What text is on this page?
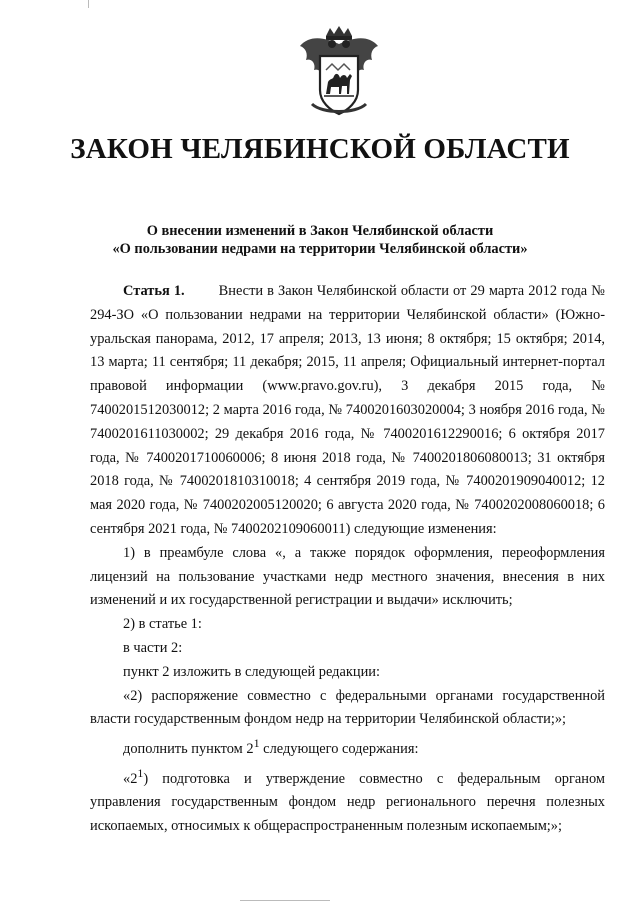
ЗАКОН ЧЕЛЯБИНСКОЙ ОБЛАСТИ
О внесении изменений в Закон Челябинской области
«О пользовании недрами на территории Челябинской области»

Статья 1. Внести в Закон Челябинской области от 29 марта 2012 года № 294-ЗО «О пользовании недрами на территории Челябинской области» (Южно-уральская панорама, 2012, 17 апреля; 2013, 13 июня; 8 октября; 15 октября; 2014, 13 марта; 11 сентября; 11 декабря; 2015, 11 апреля; Официальный интернет-портал правовой информации (www.pravo.gov.ru), 3 декабря 2015 года, № 7400201512030012; 2 марта 2016 года, № 7400201603020004; 3 ноября 2016 года, № 7400201611030002; 29 декабря 2016 года, № 7400201612290016; 6 октября 2017 года, № 7400201710060006; 8 июня 2018 года, № 7400201806080013; 31 октября 2018 года, № 7400201810310018; 4 сентября 2019 года, № 7400201909040012; 12 мая 2020 года, № 7400202005120020; 6 августа 2020 года, № 7400202008060018; 6 сентября 2021 года, № 7400202109060011) следующие изменения:

1) в преамбуле слова «, а также порядок оформления, переоформления лицензий на пользование участками недр местного значения, внесения в них изменений и их государственной регистрации и выдачи» исключить;

2) в статье 1:

в части 2:

пункт 2 изложить в следующей редакции:

«2) распоряжение совместно с федеральными органами государственной власти государственным фондом недр на территории Челябинской области;»;

дополнить пунктом $2^1$ следующего содержания:

«$2^1$) подготовка и утверждение совместно с федеральным органом управления государственным фондом недр регионального перечня полезных ископаемых, относимых к общераспространенным полезным ископаемым;»;
